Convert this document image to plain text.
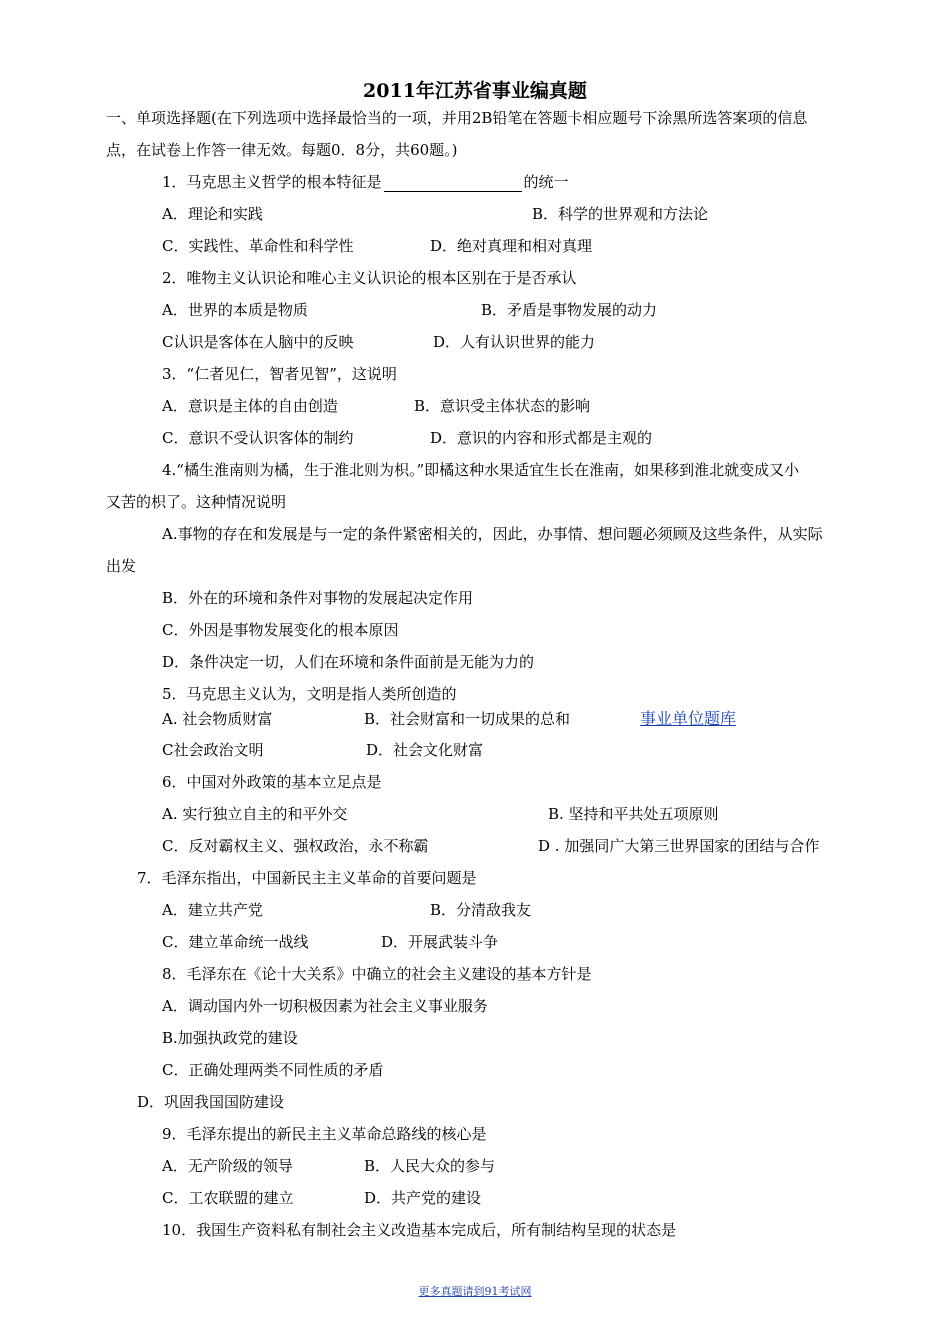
2011年江苏省事业编真题
一、单项选择题(在下列选项中选择最恰当的一项，并用2B铅笔在答题卡相应题号下涂黑所选答案项的信息
点，在试卷上作答一律无效。每题0．8分，共60题。)
1．马克思主义哲学的根本特征是	的统一
A．理论和实践	B．科学的世界观和方法论
C．实践性、革命性和科学性	D．绝对真理和相对真理
2．唯物主义认识论和唯心主义认识论的根本区别在于是否承认
A．世界的本质是物质	B．矛盾是事物发展的动力
C认识是客体在人脑中的反映	D．人有认识世界的能力
3．“仁者见仁，智者见智”，这说明
A．意识是主体的自由创造	B．意识受主体状态的影响
C．意识不受认识客体的制约	D．意识的内容和形式都是主观的
4.“橘生淮南则为橘，生于淮北则为枳。”即橘这种水果适宜生长在淮南，如果移到淮北就变成又小
又苦的枳了。这种情况说明
A.事物的存在和发展是与一定的条件紧密相关的，因此，办事情、想问题必须顾及这些条件，从实际
出发
B．外在的环境和条件对事物的发展起决定作用
C．外因是事物发展变化的根本原因
D．条件决定一切，人们在环境和条件面前是无能为力的
5．马克思主义认为，文明是指人类所创造的
A. 社会物质财富	B．社会财富和一切成果的总和	事业单位题库
C社会政治文明	D．社会文化财富
6．中国对外政策的基本立足点是
A. 实行独立自主的和平外交	B. 坚持和平共处五项原则
C．反对霸权主义、强权政治，永不称霸	D . 加强同广大第三世界国家的团结与合作
7．毛泽东指出，中国新民主主义革命的首要问题是
A．建立共产党	B．分清敌我友
C．建立革命统一战线	D．开展武装斗争
8．毛泽东在《论十大关系》中确立的社会主义建设的基本方针是
A．调动国内外一切积极因素为社会主义事业服务
B.加强执政党的建设
C．正确处理两类不同性质的矛盾
D．巩固我国国防建设
9．毛泽东提出的新民主主义革命总路线的核心是
A．无产阶级的领导	B．人民大众的参与
C．工农联盟的建立	D．共产党的建设
10．我国生产资料私有制社会主义改造基本完成后，所有制结构呈现的状态是
更多真题请到91考试网
